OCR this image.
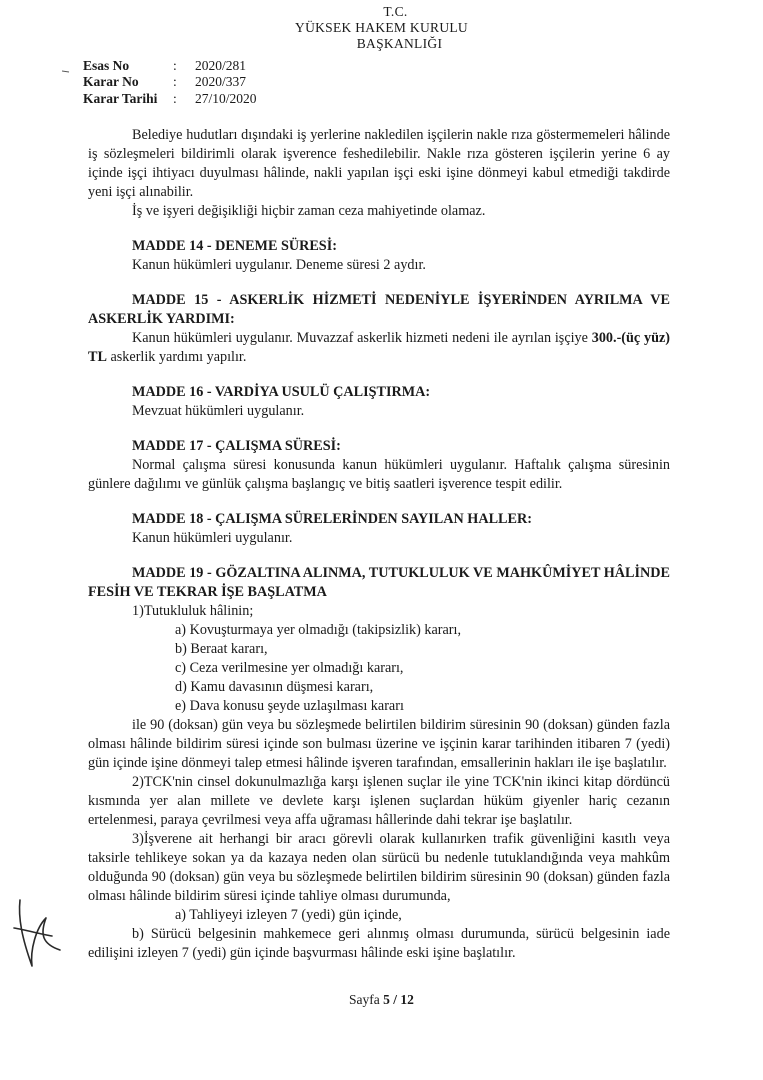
T.C.
YÜKSEK HAKEM KURULU
BAŞKANLIĞI
Esas No	:	2020/281
Karar No	:	2020/337
Karar Tarihi	:	27/10/2020

Belediye hudutları dışındaki iş yerlerine nakledilen işçilerin nakle rıza göstermemeleri hâlinde iş sözleşmeleri bildirimli olarak işverence feshedilebilir. Nakle rıza gösteren işçilerin yerine 6 ay içinde işçi ihtiyacı duyulması hâlinde, nakli yapılan işçi eski işine dönmeyi kabul etmediği takdirde yeni işçi alınabilir.

İş ve işyeri değişikliği hiçbir zaman ceza mahiyetinde olamaz.

MADDE 14 - DENEME SÜRESİ:

Kanun hükümleri uygulanır. Deneme süresi 2 aydır.

MADDE 15 - ASKERLİK HİZMETİ NEDENİYLE İŞYERİNDEN AYRILMA VE ASKERLİK YARDIMI:

Kanun hükümleri uygulanır. Muvazzaf askerlik hizmeti nedeni ile ayrılan işçiye 300.-(üç yüz) TL askerlik yardımı yapılır.

MADDE 16 - VARDİYA USULÜ ÇALIŞTIRMA:

Mevzuat hükümleri uygulanır.

MADDE 17 - ÇALIŞMA SÜRESİ:

Normal çalışma süresi konusunda kanun hükümleri uygulanır. Haftalık çalışma süresinin günlere dağılımı ve günlük çalışma başlangıç ve bitiş saatleri işverence tespit edilir.

MADDE 18 - ÇALIŞMA SÜRELERİNDEN SAYILAN HALLER:

Kanun hükümleri uygulanır.

MADDE 19 - GÖZALTINA ALINMA, TUTUKLULUK VE MAHKÛMİYET HÂLİNDE FESİH VE TEKRAR İŞE BAŞLATMA

1)Tutukluluk hâlinin;

a) Kovuşturmaya yer olmadığı (takipsizlik) kararı,

b) Beraat kararı,

c) Ceza verilmesine yer olmadığı kararı,

d) Kamu davasının düşmesi kararı,

e) Dava konusu şeyde uzlaşılması kararı

ile 90 (doksan) gün veya bu sözleşmede belirtilen bildirim süresinin 90 (doksan) günden fazla olması hâlinde bildirim süresi içinde son bulması üzerine ve işçinin karar tarihinden itibaren 7 (yedi) gün içinde işine dönmeyi talep etmesi hâlinde işveren tarafından, emsallerinin hakları ile işe başlatılır.

2)TCK'nin cinsel dokunulmazlığa karşı işlenen suçlar ile yine TCK'nin ikinci kitap dördüncü kısmında yer alan millete ve devlete karşı işlenen suçlardan hüküm giyenler hariç cezanın ertelenmesi, paraya çevrilmesi veya affa uğraması hâllerinde dahi tekrar işe başlatılır.

3)İşverene ait herhangi bir aracı görevli olarak kullanırken trafik güvenliğini kasıtlı veya taksirle tehlikeye sokan ya da kazaya neden olan sürücü bu nedenle tutuklandığında veya mahkûm olduğunda 90 (doksan) gün veya bu sözleşmede belirtilen bildirim süresinin 90 (doksan) günden fazla olması hâlinde bildirim süresi içinde tahliye olması durumunda,

a) Tahliyeyi izleyen 7 (yedi) gün içinde,

b) Sürücü belgesinin mahkemece geri alınmış olması durumunda, sürücü belgesinin iade edilişini izleyen 7 (yedi) gün içinde başvurması hâlinde eski işine başlatılır.

Sayfa 5 / 12
